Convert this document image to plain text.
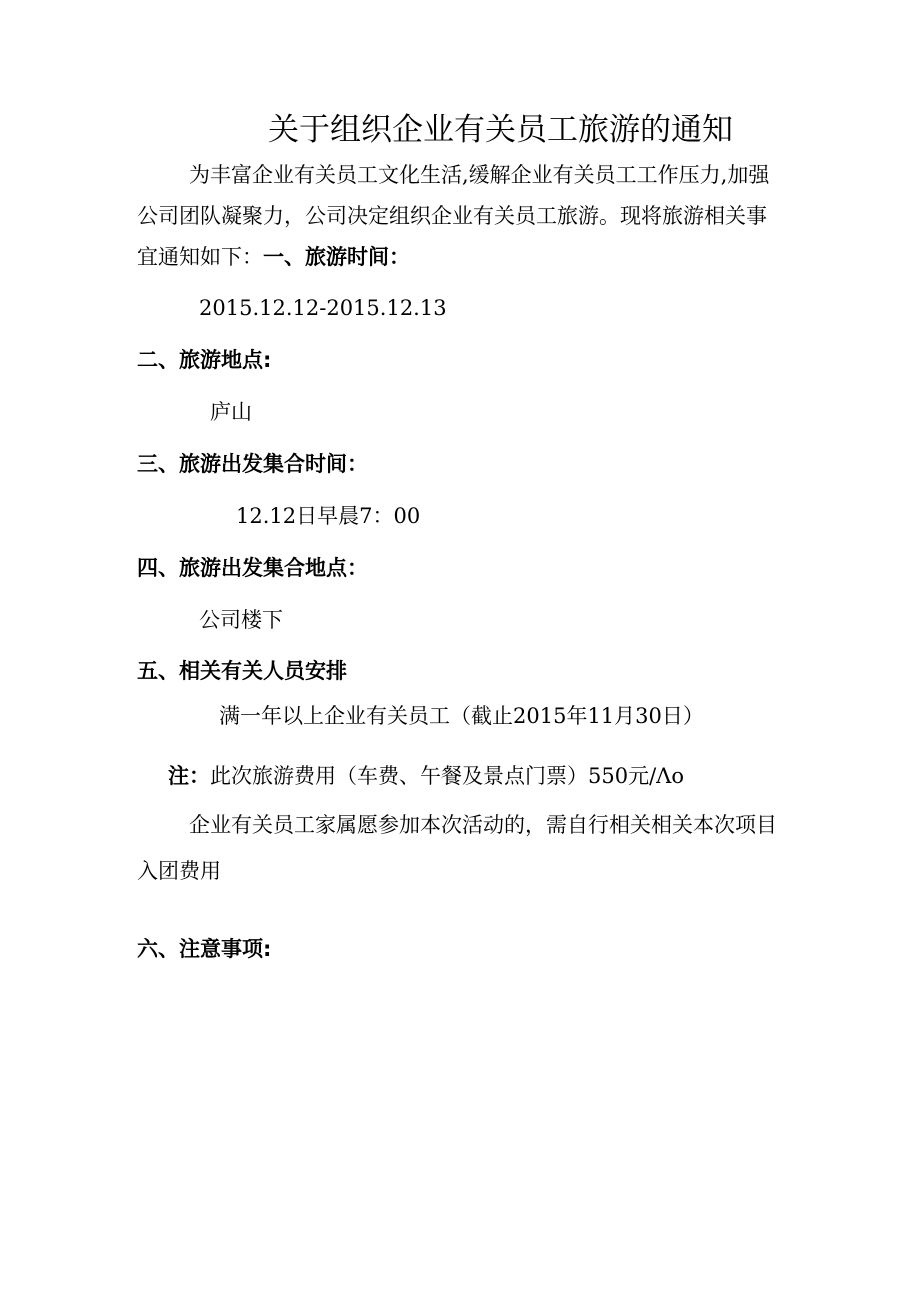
关于组织企业有关员工旅游的通知
为丰富企业有关员工文化生活,缓解企业有关员工工作压力,加强
公司团队凝聚力，公司决定组织企业有关员工旅游。现将旅游相关事
宜通知如下：一、旅游时间：
2015.12.12-2015.12.13
二、旅游地点:
庐山
三、旅游出发集合时间：
12.12日早晨7：00
四、旅游出发集合地点：
公司楼下
五、相关有关人员安排
满一年以上企业有关员工（截止2015年11月30日）
注：此次旅游费用（车费、午餐及景点门票）550元/Λo
企业有关员工家属愿参加本次活动的，需自行相关相关本次项目
入团费用
六、注意事项:
